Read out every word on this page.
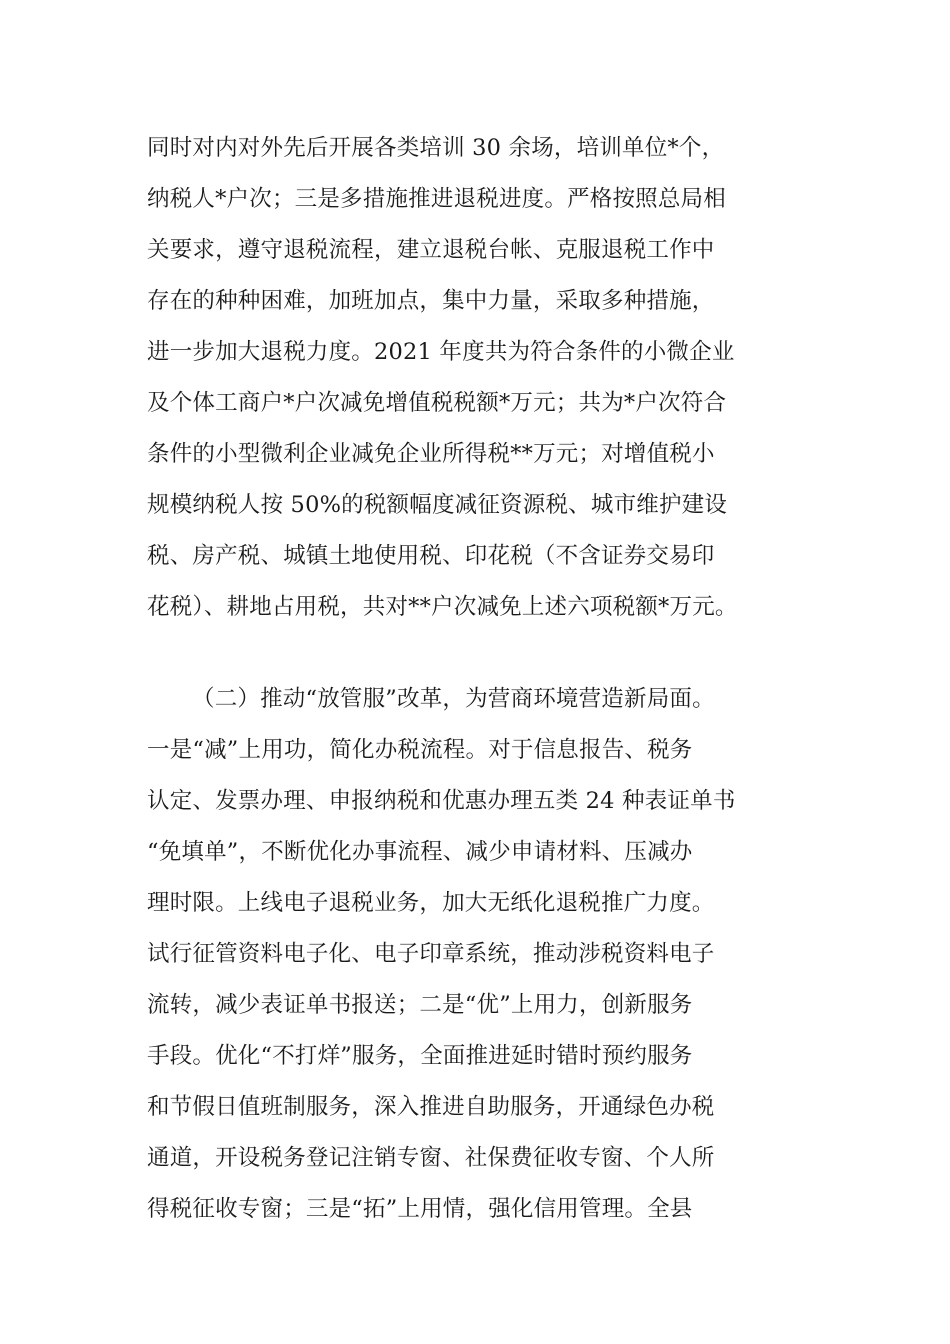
同时对内对外先后开展各类培训 30 余场，培训单位*个，
纳税人*户次；三是多措施推进退税进度。严格按照总局相
关要求，遵守退税流程，建立退税台帐、克服退税工作中
存在的种种困难，加班加点，集中力量，采取多种措施，
进一步加大退税力度。2021 年度共为符合条件的小微企业
及个体工商户*户次减免增值税税额*万元；共为*户次符合
条件的小型微利企业减免企业所得税**万元；对增值税小
规模纳税人按 50%的税额幅度减征资源税、城市维护建设
税、房产税、城镇土地使用税、印花税（不含证券交易印
花税）、耕地占用税，共对**户次减免上述六项税额*万元。
（二）推动“放管服”改革，为营商环境营造新局面。
一是“减”上用功，简化办税流程。对于信息报告、税务
认定、发票办理、申报纳税和优惠办理五类 24 种表证单书
“免填单”，不断优化办事流程、减少申请材料、压减办
理时限。上线电子退税业务，加大无纸化退税推广力度。
试行征管资料电子化、电子印章系统，推动涉税资料电子
流转，减少表证单书报送；二是“优”上用力，创新服务
手段。优化“不打烊”服务，全面推进延时错时预约服务
和节假日值班制服务，深入推进自助服务，开通绿色办税
通道，开设税务登记注销专窗、社保费征收专窗、个人所
得税征收专窗；三是“拓”上用情，强化信用管理。全县
